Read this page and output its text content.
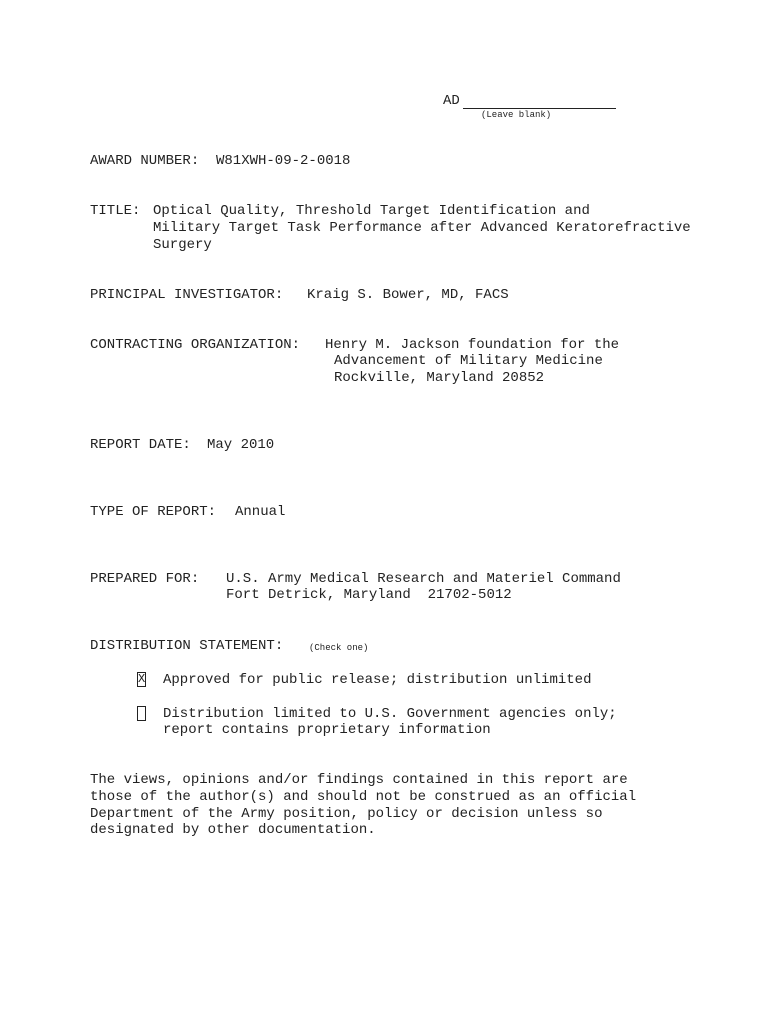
AD
(Leave blank)
AWARD NUMBER: W81XWH-09-2-0018
TITLE: Optical Quality, Threshold Target Identification and
Military Target Task Performance after Advanced Keratorefractive
Surgery
PRINCIPAL INVESTIGATOR: Kraig S. Bower, MD, FACS
CONTRACTING ORGANIZATION: Henry M. Jackson foundation for the
Advancement of Military Medicine
Rockville, Maryland 20852
REPORT DATE: May 2010
TYPE OF REPORT: Annual
PREPARED FOR: U.S. Army Medical Research and Materiel Command
Fort Detrick, Maryland  21702-5012
DISTRIBUTION STATEMENT:	(Check one)
X Approved for public release; distribution unlimited
Distribution limited to U.S. Government agencies only;
report contains proprietary information
The views, opinions and/or findings contained in this report are
those of the author(s) and should not be construed as an official
Department of the Army position, policy or decision unless so
designated by other documentation.
